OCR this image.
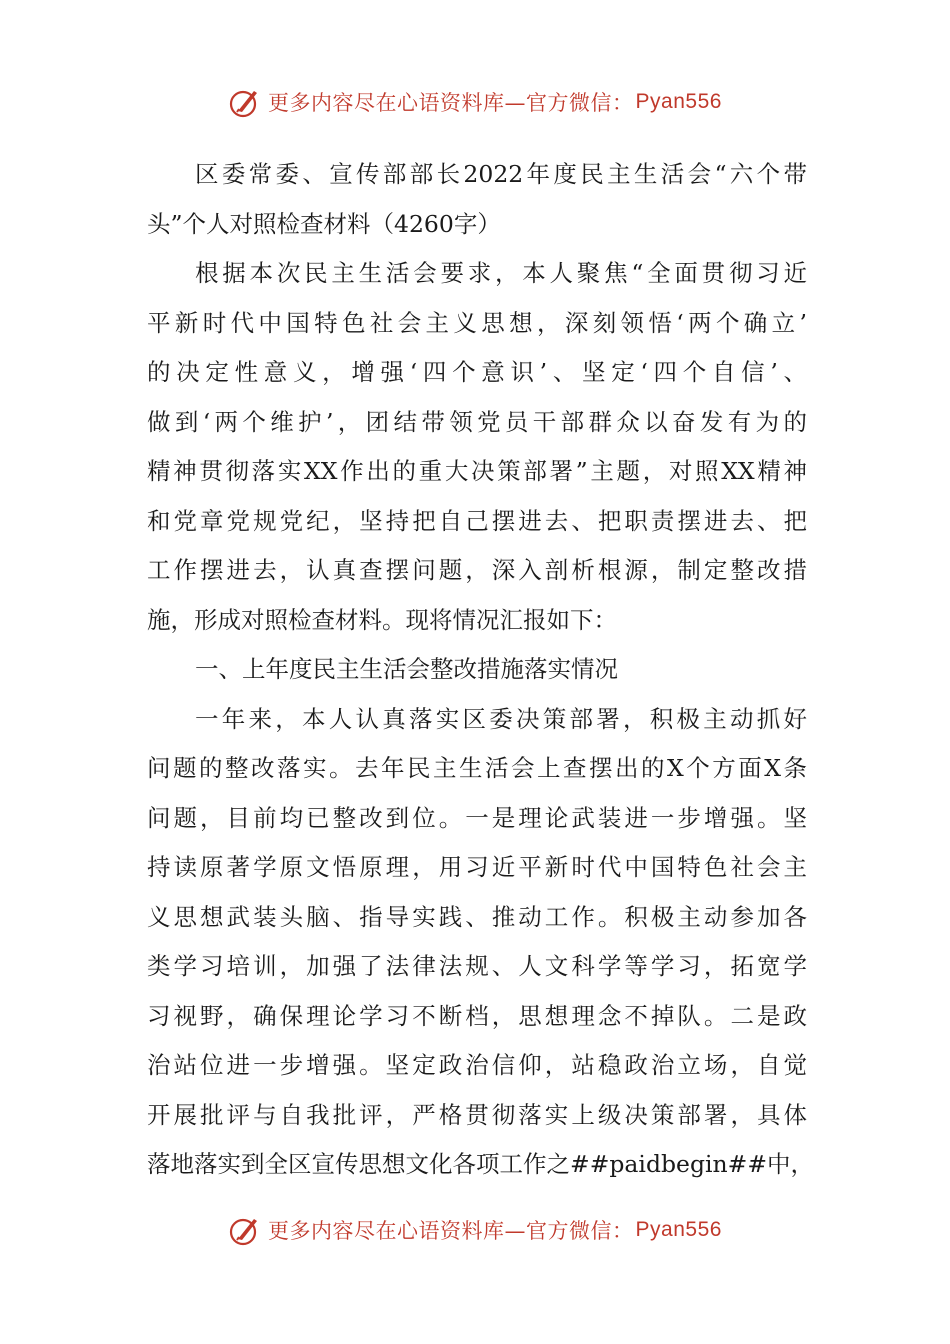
更多内容尽在心语资料库—官方微信： Pyan556
区委常委、宣传部部长2022年度民主生活会“六个带
头”个人对照检查材料（4260字）
根据本次民主生活会要求，本人聚焦“全面贯彻习近
平新时代中国特色社会主义思想，深刻领悟‘两个确立’
的决定性意义，增强‘四个意识’、坚定‘四个自信’、
做到‘两个维护’，团结带领党员干部群众以奋发有为的
精神贯彻落实XX作出的重大决策部署”主题，对照XX精神
和党章党规党纪，坚持把自己摆进去、把职责摆进去、把
工作摆进去，认真查摆问题，深入剖析根源，制定整改措
施，形成对照检查材料。现将情况汇报如下：
一、上年度民主生活会整改措施落实情况
一年来，本人认真落实区委决策部署，积极主动抓好
问题的整改落实。去年民主生活会上查摆出的X个方面X条
问题，目前均已整改到位。一是理论武装进一步增强。坚
持读原著学原文悟原理，用习近平新时代中国特色社会主
义思想武装头脑、指导实践、推动工作。积极主动参加各
类学习培训，加强了法律法规、人文科学等学习，拓宽学
习视野，确保理论学习不断档，思想理念不掉队。二是政
治站位进一步增强。坚定政治信仰，站稳政治立场，自觉
开展批评与自我批评，严格贯彻落实上级决策部署，具体
落地落实到全区宣传思想文化各项工作之##paidbegin##中，
更多内容尽在心语资料库—官方微信： Pyan556
